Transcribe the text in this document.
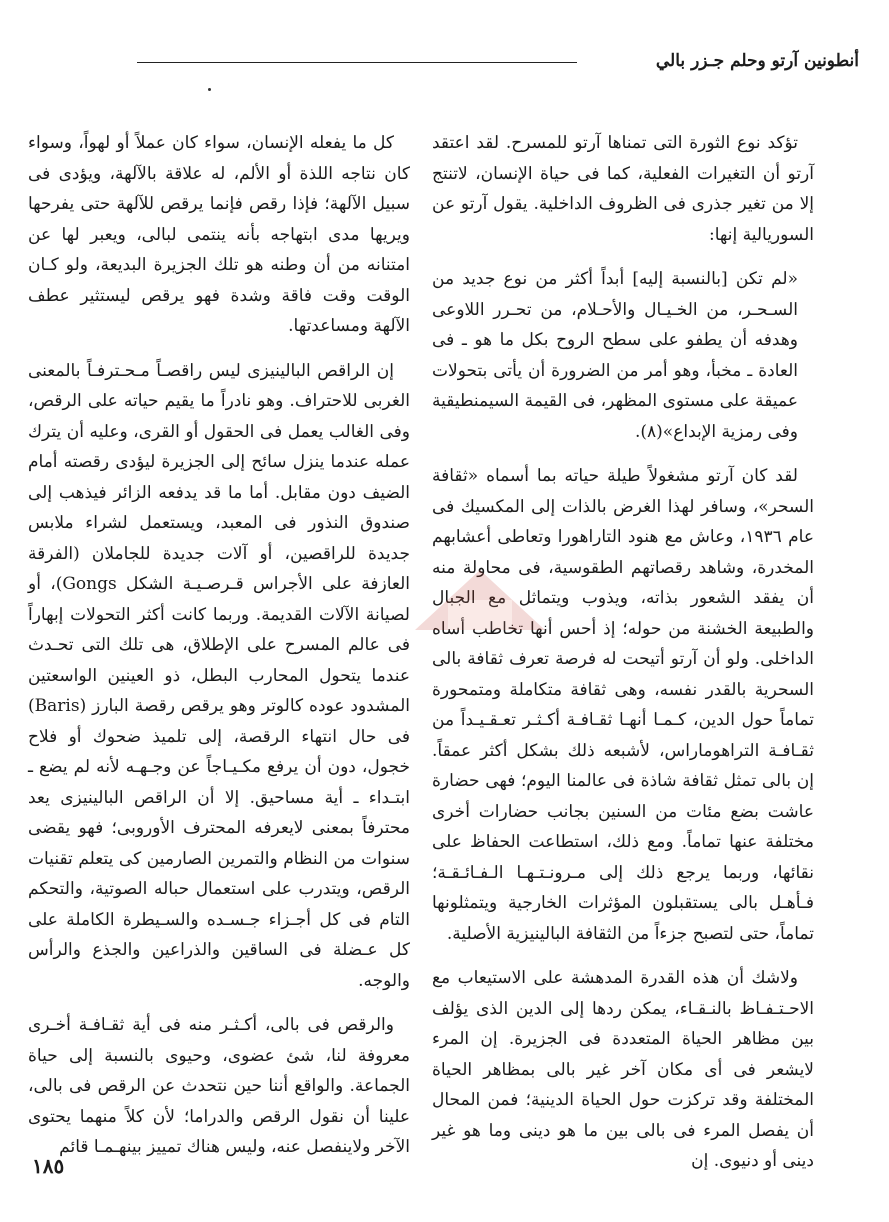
أنطونين آرتو وحلم جـزر بالي

تؤكد نوع الثورة التى تمناها آرتو للمسرح. لقد اعتقد آرتو أن التغيرات الفعلية، كما فى حياة الإنسان، لاتنتج إلا من تغير جذرى فى الظروف الداخلية. يقول آرتو عن السوريالية إنها:

«لم تكن [بالنسبة إليه] أبداً أكثر من نوع جديد من السـحـر، من الخـيـال والأحـلام، من تحـرر اللاوعى وهدفه أن يطفو على سطح الروح بكل ما هو ـ فى العادة ـ مخبأ، وهو أمر من الضرورة أن يأتى بتحولات عميقة على مستوى المظهر، فى القيمة السيمنطيقية وفى رمزية الإبداع»(٨).

لقد كان آرتو مشغولاً طيلة حياته بما أسماه «ثقافة السحر»، وسافر لهذا الغرض بالذات إلى المكسيك فى عام ١٩٣٦، وعاش مع هنود التاراهورا وتعاطى أعشابهم المخدرة، وشاهد رقصاتهم الطقوسية، فى محاولة منه أن يفقد الشعور بذاته، ويذوب ويتماثل مع الجبال والطبيعة الخشنة من حوله؛ إذ أحس أنها تخاطب أساه الداخلى. ولو أن آرتو أتيحت له فرصة تعرف ثقافة بالى السحرية بالقدر نفسه، وهى ثقافة متكاملة ومتمحورة تماماً حول الدين، كـمـا أنهـا ثقـافـة أكـثـر تعـقـيـداً من ثقـافـة التراهوماراس، لأشبعه ذلك بشكل أكثر عمقاً. إن بالى تمثل ثقافة شاذة فى عالمنا اليوم؛ فهى حضارة عاشت بضع مئات من السنين بجانب حضارات أخرى مختلفة عنها تماماً. ومع ذلك، استطاعت الحفاظ على نقائها، وربما يرجع ذلك إلى مـرونـتـهـا الـفـائـقـة؛ فـأهـل بالى يستقبلون المؤثرات الخارجية ويتمثلونها تماماً، حتى لتصبح جزءاً من الثقافة البالينيزية الأصلية.

ولاشك أن هذه القدرة المدهشة على الاستيعاب مع الاحـتـفـاظ بالنـقـاء، يمكن ردها إلى الدين الذى يؤلف بين مظاهر الحياة المتعددة فى الجزيرة. إن المرء لايشعر فى أى مكان آخر غير بالى بمظاهر الحياة المختلفة وقد تركزت حول الحياة الدينية؛ فمن المحال أن يفصل المرء فى بالى بين ما هو دينى وما هو غير دينى أو دنيوى. إن

كل ما يفعله الإنسان، سواء كان عملاً أو لهواً، وسواء كان نتاجه اللذة أو الألم، له علاقة بالآلهة، ويؤدى فى سبيل الآلهة؛ فإذا رقص فإنما يرقص للآلهة حتى يفرحها ويريها مدى ابتهاجه بأنه ينتمى لبالى، ويعبر لها عن امتنانه من أن وطنه هو تلك الجزيرة البديعة، ولو كـان الوقت وقت فاقة وشدة فهو يرقص ليستثير عطف الآلهة ومساعدتها.

إن الراقص البالينيزى ليس راقصـاً مـحـترفـاً بالمعنى الغربى للاحتراف. وهو نادراً ما يقيم حياته على الرقص، وفى الغالب يعمل فى الحقول أو القرى، وعليه أن يترك عمله عندما ينزل سائح إلى الجزيرة ليؤدى رقصته أمام الضيف دون مقابل. أما ما قد يدفعه الزائر فيذهب إلى صندوق النذور فى المعبد، ويستعمل لشراء ملابس جديدة للراقصين، أو آلات جديدة للجاملان (الفرقة العازفة على الأجراس قـرصـيـة الشكل Gongs)، أو لصيانة الآلات القديمة. وربما كانت أكثر التحولات إبهاراً فى عالم المسرح على الإطلاق، هى تلك التى تحـدث عندما يتحول المحارب البطل، ذو العينين الواسعتين المشدود عوده كالوتر وهو يرقص رقصة البارز (Baris) فى حال انتهاء الرقصة، إلى تلميذ ضحوك أو فلاح خجول، دون أن يرفع مكـيـاجاً عن وجـهـه لأنه لم يضع ـ ابتـداء ـ أية مساحيق. إلا أن الراقص البالينيزى يعد محترفاً بمعنى لايعرفه المحترف الأوروبى؛ فهو يقضى سنوات من النظام والتمرين الصارمين كى يتعلم تقنيات الرقص، ويتدرب على استعمال حباله الصوتية، والتحكم التام فى كل أجـزاء جـسـده والسـيطرة الكاملة على كل عـضلة فى الساقين والذراعين والجذع والرأس والوجه.

والرقص فى بالى، أكـثـر منه فى أية ثقـافـة أخـرى معروفة لنا، شئ عضوى، وحيوى بالنسبة إلى حياة الجماعة. والواقع أننا حين نتحدث عن الرقص فى بالى، علينا أن نقول الرقص والدراما؛ لأن كلاً منهما يحتوى الآخر ولاينفصل عنه، وليس هناك تمييز بينهـمـا قائم

١٨٥
